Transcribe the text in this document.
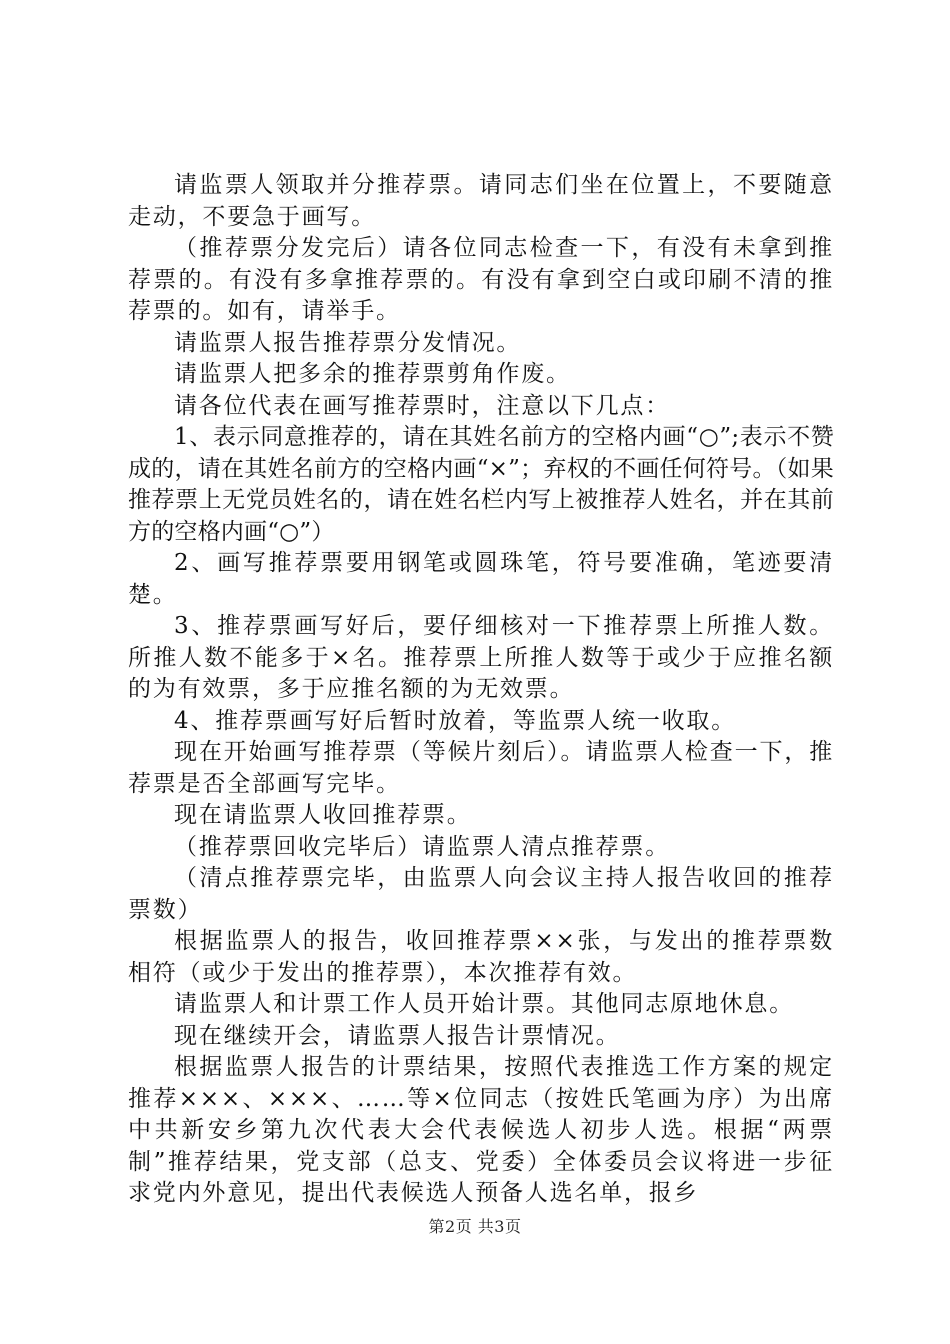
请监票人领取并分推荐票。请同志们坐在位置上，不要随意走动，不要急于画写。

（推荐票分发完后）请各位同志检查一下，有没有未拿到推荐票的。有没有多拿推荐票的。有没有拿到空白或印刷不清的推荐票的。如有，请举手。

请监票人报告推荐票分发情况。

请监票人把多余的推荐票剪角作废。

请各位代表在画写推荐票时，注意以下几点：

1、表示同意推荐的，请在其姓名前方的空格内画“○”;表示不赞成的，请在其姓名前方的空格内画“×”；弃权的不画任何符号。（如果推荐票上无党员姓名的，请在姓名栏内写上被推荐人姓名，并在其前方的空格内画“○”）

2、画写推荐票要用钢笔或圆珠笔，符号要准确，笔迹要清楚。

3、推荐票画写好后，要仔细核对一下推荐票上所推人数。所推人数不能多于×名。推荐票上所推人数等于或少于应推名额的为有效票，多于应推名额的为无效票。

4、推荐票画写好后暂时放着，等监票人统一收取。

现在开始画写推荐票（等候片刻后）。请监票人检查一下，推荐票是否全部画写完毕。

现在请监票人收回推荐票。

（推荐票回收完毕后）请监票人清点推荐票。

（清点推荐票完毕，由监票人向会议主持人报告收回的推荐票数）

根据监票人的报告，收回推荐票××张，与发出的推荐票数相符（或少于发出的推荐票），本次推荐有效。

请监票人和计票工作人员开始计票。其他同志原地休息。

现在继续开会，请监票人报告计票情况。

根据监票人报告的计票结果，按照代表推选工作方案的规定推荐×××、×××、……等×位同志（按姓氏笔画为序）为出席中共新安乡第九次代表大会代表候选人初步人选。根据“两票制”推荐结果，党支部（总支、党委）全体委员会议将进一步征求党内外意见，提出代表候选人预备人选名单，报乡

第2页 共3页
